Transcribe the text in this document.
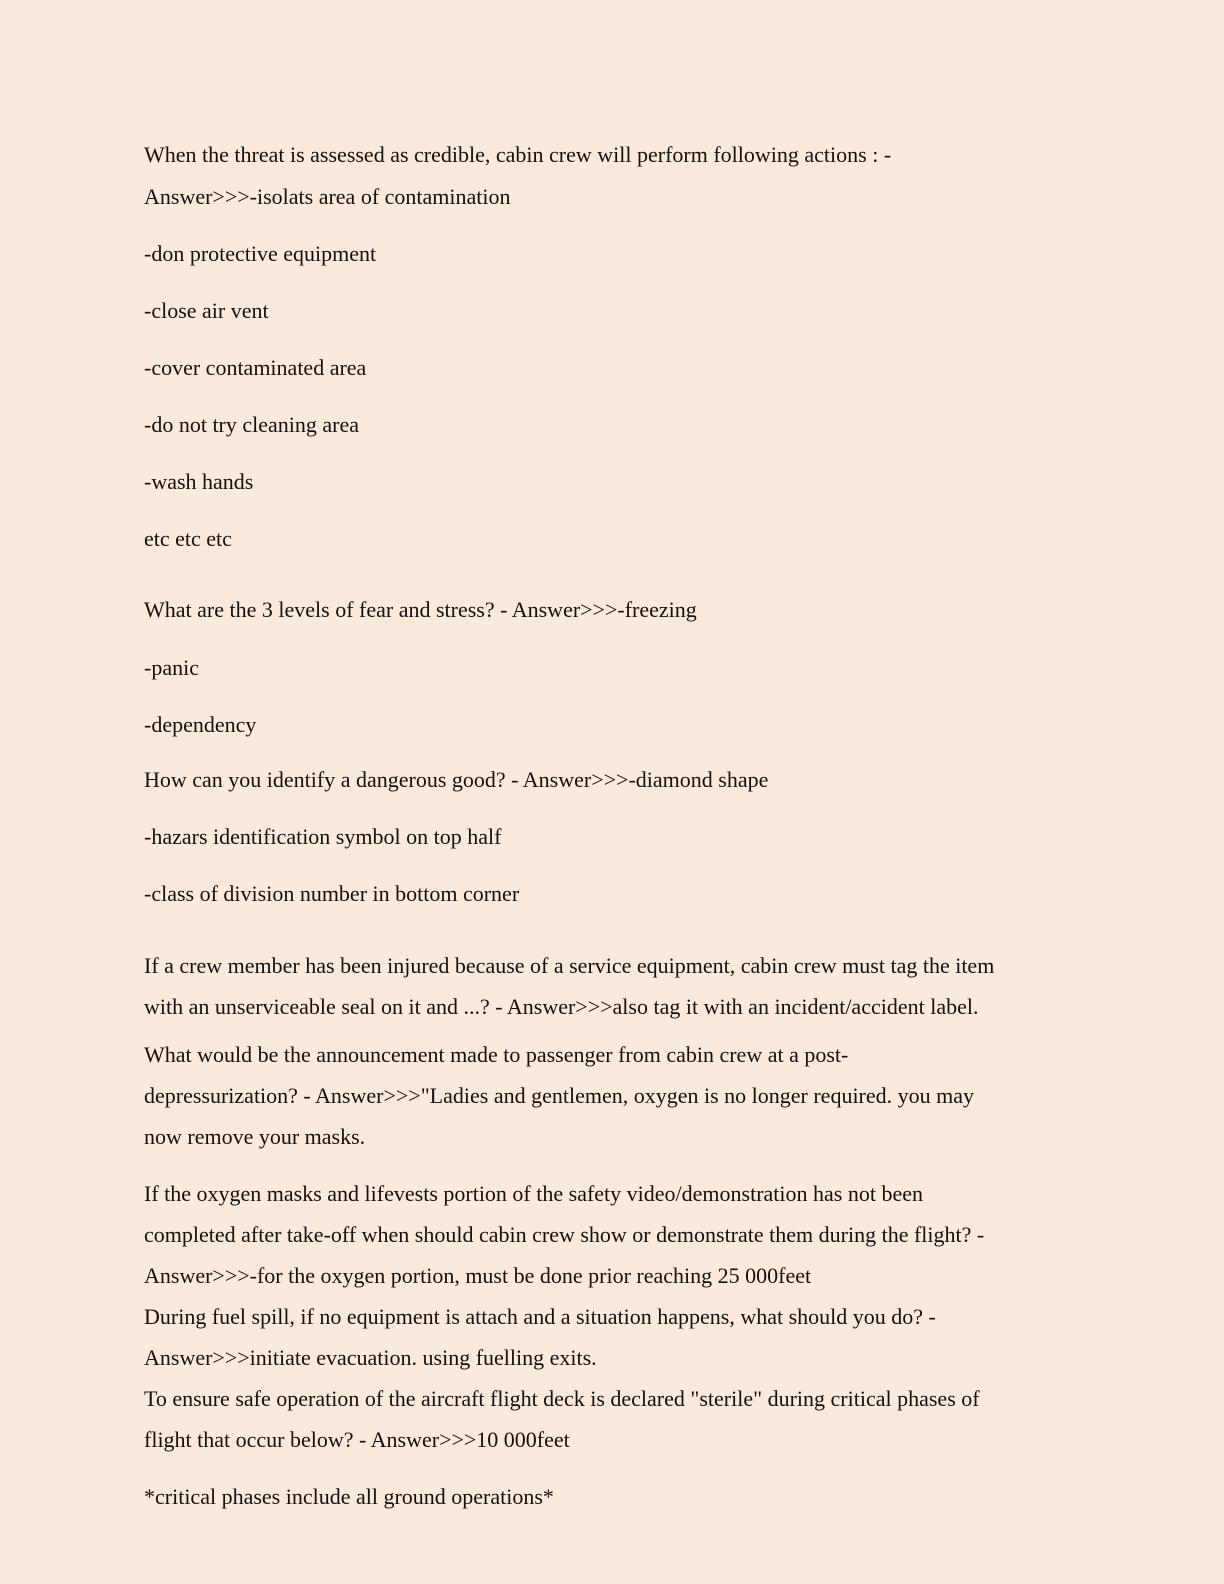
When the threat is assessed as credible, cabin crew will perform following actions : -

Answer>>>-isolats area of contamination

-don protective equipment

-close air vent

-cover contaminated area

-do not try cleaning area

-wash hands

etc etc etc

What are the 3 levels of fear and stress? - Answer>>>-freezing

-panic

-dependency

How can you identify a dangerous good? - Answer>>>-diamond shape

-hazars identification symbol on top half

-class of division number in bottom corner

If a crew member has been injured because of a service equipment, cabin crew must tag the item

with an unserviceable seal on it and ...? - Answer>>>also tag it with an incident/accident label.

What would be the announcement made to passenger from cabin crew at a post-

depressurization? - Answer>>>"Ladies and gentlemen, oxygen is no longer required. you may

now remove your masks.

If the oxygen masks and lifevests portion of the safety video/demonstration has not been

completed after take-off when should cabin crew show or demonstrate them during the flight? -

Answer>>>-for the oxygen portion, must be done prior reaching 25 000feet

During fuel spill, if no equipment is attach and a situation happens, what should you do? -

Answer>>>initiate evacuation. using fuelling exits.

To ensure safe operation of the aircraft flight deck is declared "sterile" during critical phases of

flight that occur below? - Answer>>>10 000feet

*critical phases include all ground operations*
